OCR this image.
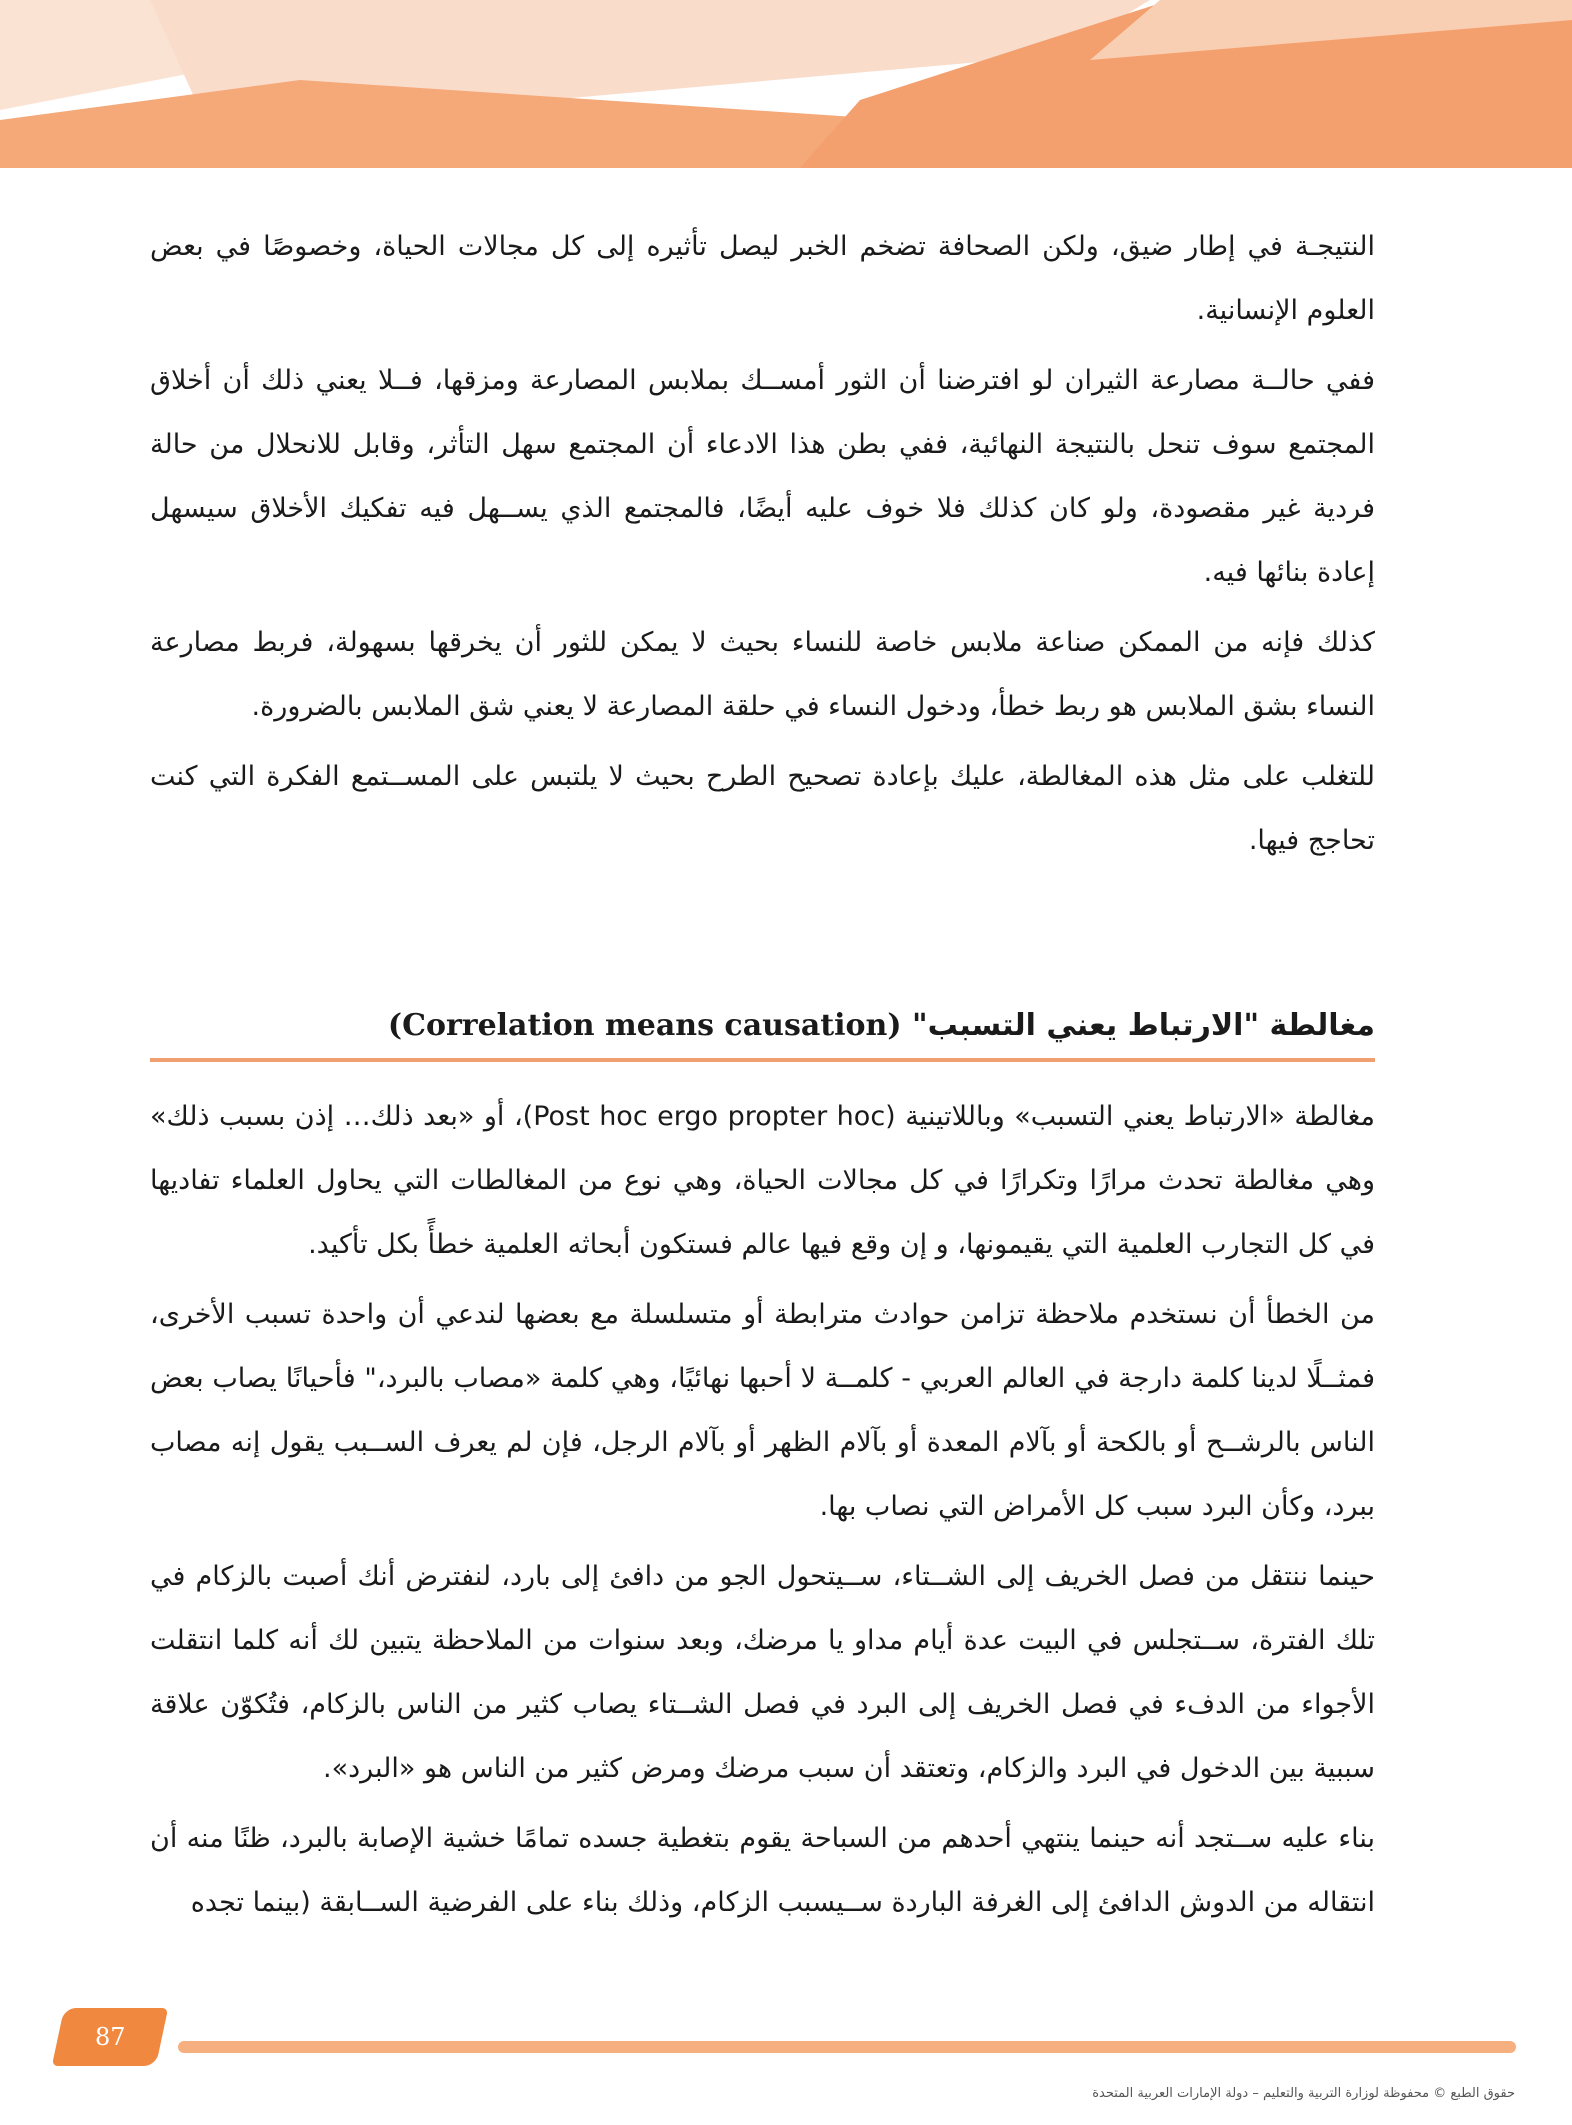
النتيجـة في إطار ضيق، ولكن الصحافة تضخم الخبر ليصل تأثيره إلى كل مجالات الحياة، وخصوصًا في بعض العلوم الإنسانية.

ففي حالــة مصارعة الثيران لو افترضنا أن الثور أمســك بملابس المصارعة ومزقها، فــلا يعني ذلك أن أخلاق المجتمع سوف تنحل بالنتيجة النهائية، ففي بطن هذا الادعاء أن المجتمع سهل التأثر، وقابل للانحلال من حالة فردية غير مقصودة، ولو كان كذلك فلا خوف عليه أيضًا، فالمجتمع الذي يســهل فيه تفكيك الأخلاق سيسهل إعادة بنائها فيه.

كذلك فإنه من الممكن صناعة ملابس خاصة للنساء بحيث لا يمكن للثور أن يخرقها بسهولة، فربط مصارعة النساء بشق الملابس هو ربط خطأ، ودخول النساء في حلقة المصارعة لا يعني شق الملابس بالضرورة.

للتغلب على مثل هذه المغالطة، عليك بإعادة تصحيح الطرح بحيث لا يلتبس على المســتمع الفكرة التي كنت تحاجج فيها.

مغالطة "الارتباط يعني التسبب" (Correlation means causation)

مغالطة «الارتباط يعني التسبب» وباللاتينية (Post hoc ergo propter hoc)، أو «بعد ذلك… إذن بسبب ذلك» وهي مغالطة تحدث مرارًا وتكرارًا في كل مجالات الحياة، وهي نوع من المغالطات التي يحاول العلماء تفاديها في كل التجارب العلمية التي يقيمونها، و إن وقع فيها عالم فستكون أبحاثه العلمية خطأً بكل تأكيد.

من الخطأ أن نستخدم ملاحظة تزامن حوادث مترابطة أو متسلسلة مع بعضها لندعي أن واحدة تسبب الأخرى، فمثــلًا لدينا كلمة دارجة في العالم العربي - كلمــة لا أحبها نهائيًا، وهي كلمة «مصاب بالبرد،" فأحيانًا يصاب بعض الناس بالرشــح أو بالكحة أو بآلام المعدة أو بآلام الظهر أو بآلام الرجل، فإن لم يعرف الســبب يقول إنه مصاب ببرد، وكأن البرد سبب كل الأمراض التي نصاب بها.

حينما ننتقل من فصل الخريف إلى الشــتاء، ســيتحول الجو من دافئ إلى بارد، لنفترض أنك أصبت بالزكام في تلك الفترة، ســتجلس في البيت عدة أيام مداو يا مرضك، وبعد سنوات من الملاحظة يتبين لك أنه كلما انتقلت الأجواء من الدفء في فصل الخريف إلى البرد في فصل الشــتاء يصاب كثير من الناس بالزكام، فتُكوّن علاقة سببية بين الدخول في البرد والزكام، وتعتقد أن سبب مرضك ومرض كثير من الناس هو «البرد».

بناء عليه ســتجد أنه حينما ينتهي أحدهم من السباحة يقوم بتغطية جسده تمامًا خشية الإصابة بالبرد، ظنًا منه أن انتقاله من الدوش الدافئ إلى الغرفة الباردة ســيسبب الزكام، وذلك بناء على الفرضية الســابقة (بينما تجده

87
حقوق الطبع © محفوظة لوزارة التربية والتعليم – دولة الإمارات العربية المتحدة
